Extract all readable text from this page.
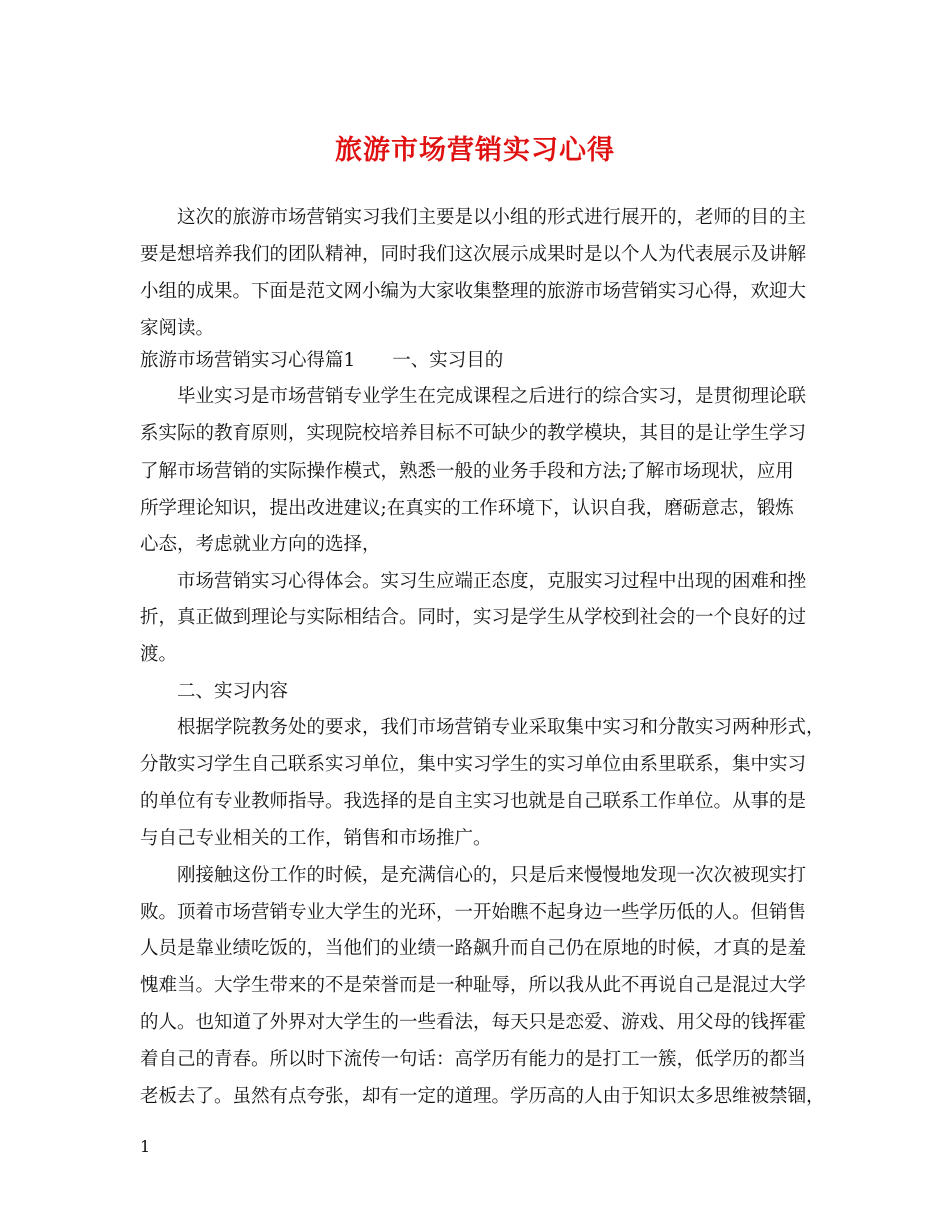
旅游市场营销实习心得
这次的旅游市场营销实习我们主要是以小组的形式进行展开的，老师的目的主
要是想培养我们的团队精神，同时我们这次展示成果时是以个人为代表展示及讲解
小组的成果。下面是范文网小编为大家收集整理的旅游市场营销实习心得，欢迎大
家阅读。
旅游市场营销实习心得篇1　　一、实习目的
毕业实习是市场营销专业学生在完成课程之后进行的综合实习，是贯彻理论联
系实际的教育原则，实现院校培养目标不可缺少的教学模块，其目的是让学生学习
了解市场营销的实际操作模式，熟悉一般的业务手段和方法;了解市场现状，应用
所学理论知识，提出改进建议;在真实的工作环境下，认识自我，磨砺意志，锻炼
心态，考虑就业方向的选择，
市场营销实习心得体会。实习生应端正态度，克服实习过程中出现的困难和挫
折，真正做到理论与实际相结合。同时，实习是学生从学校到社会的一个良好的过
渡。
二、实习内容
根据学院教务处的要求，我们市场营销专业采取集中实习和分散实习两种形式，
分散实习学生自己联系实习单位，集中实习学生的实习单位由系里联系，集中实习
的单位有专业教师指导。我选择的是自主实习也就是自己联系工作单位。从事的是
与自己专业相关的工作，销售和市场推广。
刚接触这份工作的时候，是充满信心的，只是后来慢慢地发现一次次被现实打
败。顶着市场营销专业大学生的光环，一开始瞧不起身边一些学历低的人。但销售
人员是靠业绩吃饭的，当他们的业绩一路飙升而自己仍在原地的时候，才真的是羞
愧难当。大学生带来的不是荣誉而是一种耻辱，所以我从此不再说自己是混过大学
的人。也知道了外界对大学生的一些看法，每天只是恋爱、游戏、用父母的钱挥霍
着自己的青春。所以时下流传一句话：高学历有能力的是打工一簇，低学历的都当
老板去了。虽然有点夸张，却有一定的道理。学历高的人由于知识太多思维被禁锢，
1
